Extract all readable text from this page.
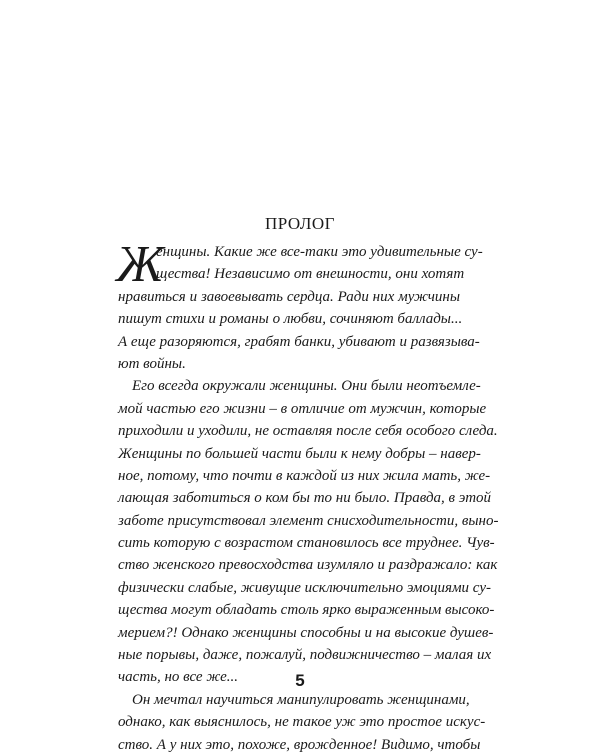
ПРОЛОГ
Ж
енщины. Какие же все-таки это удивительные су-
щества! Независимо от внешности, они хотят
нравиться и завоевывать сердца. Ради них мужчины
пишут стихи и романы о любви, сочиняют баллады...
А еще разоряются, грабят банки, убивают и развязыва-
ют войны.
Его всегда окружали женщины. Они были неотъемле-
мой частью его жизни – в отличие от мужчин, которые
приходили и уходили, не оставляя после себя особого следа.
Женщины по большей части были к нему добры – навер-
ное, потому, что почти в каждой из них жила мать, же-
лающая заботиться о ком бы то ни было. Правда, в этой
заботе присутствовал элемент снисходительности, выно-
сить которую с возрастом становилось все труднее. Чув-
ство женского превосходства изумляло и раздражало: как
физически слабые, живущие исключительно эмоциями су-
щества могут обладать столь ярко выраженным высоко-
мерием?! Однако женщины способны и на высокие душев-
ные порывы, даже, пожалуй, подвижничество – малая их
часть, но все же...
Он мечтал научиться манипулировать женщинами,
однако, как выяснилось, не такое уж это простое искус-
ство. А у них это, похоже, врожденное! Видимо, чтобы
5
